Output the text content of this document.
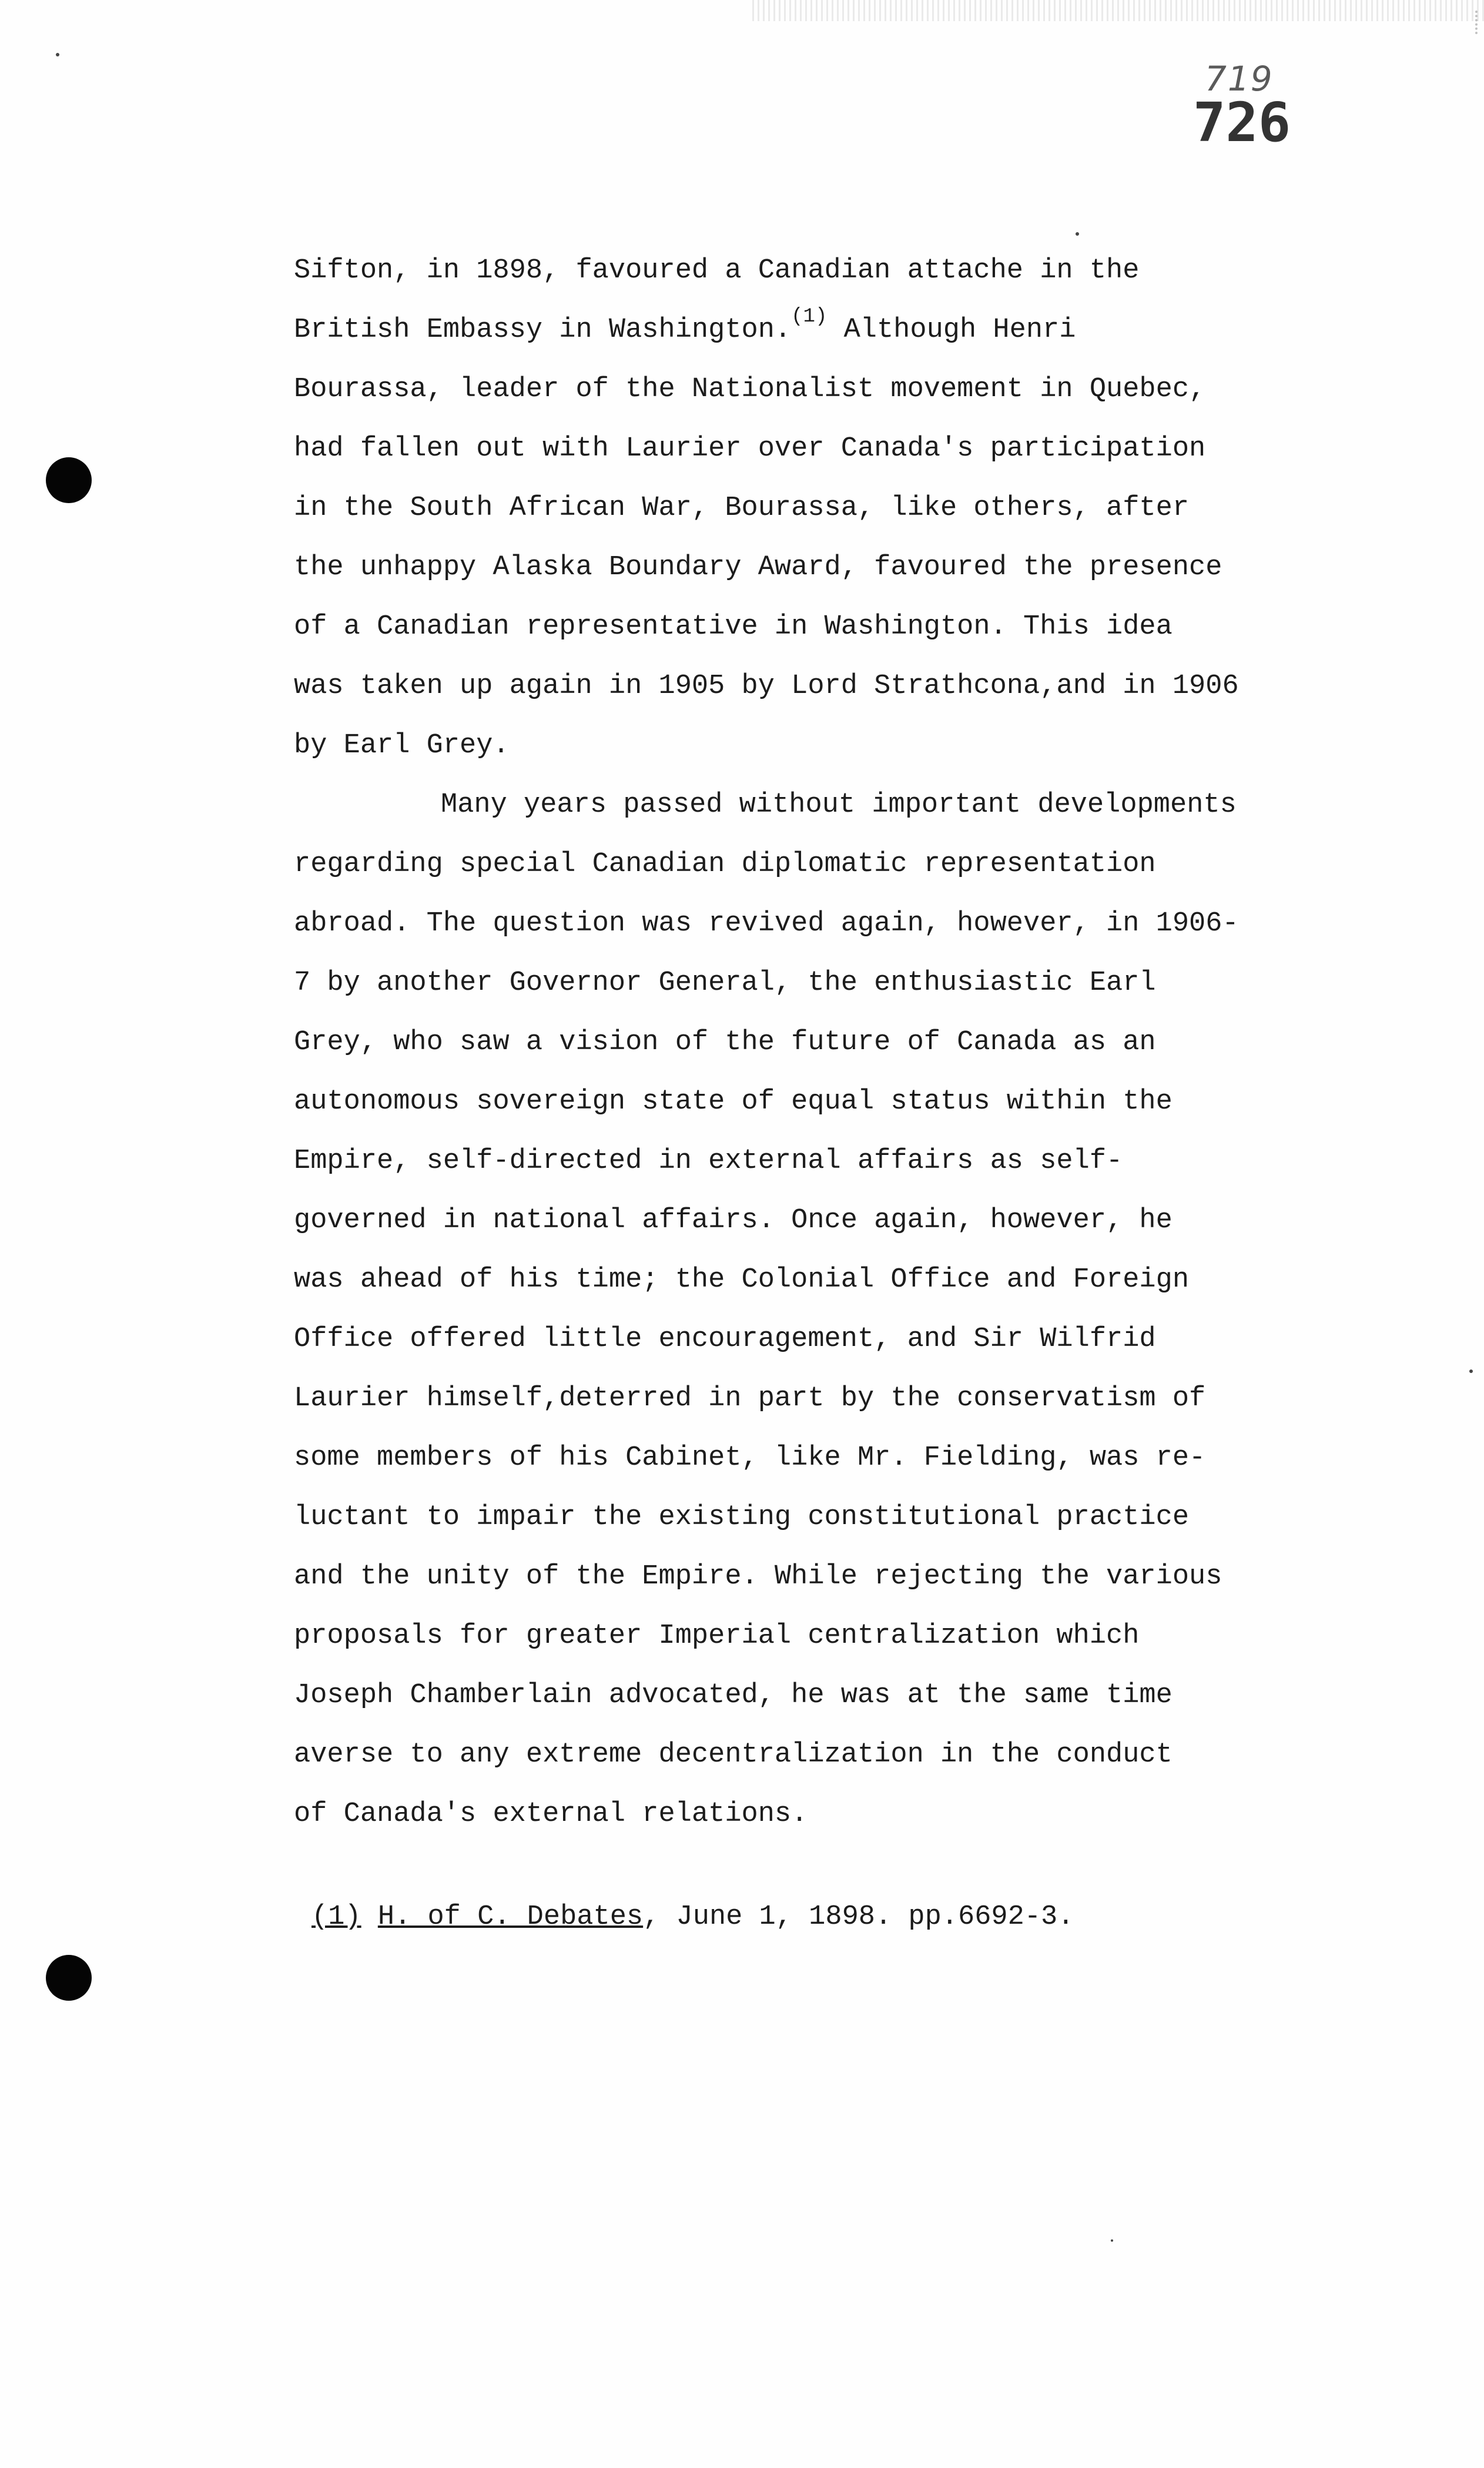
719
726
Sifton, in 1898, favoured a Canadian attache in the
British Embassy in Washington.$^{(1)}$ Although Henri
Bourassa, leader of the Nationalist movement in Quebec,
had fallen out with Laurier over Canada's participation
in the South African War, Bourassa, like others, after
the unhappy Alaska Boundary Award, favoured the presence
of a Canadian representative in Washington. This idea
was taken up again in 1905 by Lord Strathcona,and in 1906
by Earl Grey.
Many years passed without important developments
regarding special Canadian diplomatic representation
abroad. The question was revived again, however, in 1906-
7 by another Governor General, the enthusiastic Earl
Grey, who saw a vision of the future of Canada as an
autonomous sovereign state of equal status within the
Empire, self-directed in external affairs as self-
governed in national affairs. Once again, however, he
was ahead of his time; the Colonial Office and Foreign
Office offered little encouragement, and Sir Wilfrid
Laurier himself,deterred in part by the conservatism of
some members of his Cabinet, like Mr. Fielding, was re-
luctant to impair the existing constitutional practice
and the unity of the Empire. While rejecting the various
proposals for greater Imperial centralization which
Joseph Chamberlain advocated, he was at the same time
averse to any extreme decentralization in the conduct
of Canada's external relations.
(1) H. of C. Debates, June 1, 1898. pp.6692-3.
